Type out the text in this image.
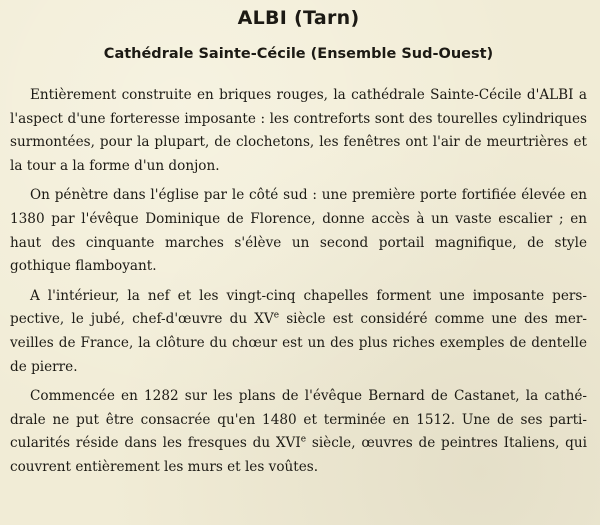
ALBI (Tarn)
Cathédrale Sainte-Cécile (Ensemble Sud-Ouest)

Entièrement construite en briques rouges, la cathédrale Sainte-Cécile d'ALBI a l'aspect d'une forteresse imposante : les contreforts sont des tourelles cylindriques surmontées, pour la plupart, de clochetons, les fenêtres ont l'air de meurtrières et la tour a la forme d'un donjon.

On pénètre dans l'église par le côté sud : une première porte fortifiée élevée en 1380 par l'évêque Dominique de Florence, donne accès à un vaste escalier ; en haut des cinquante marches s'élève un second portail magnifique, de style gothique flamboyant.

A l'intérieur, la nef et les vingt-cinq chapelles forment une imposante perspective, le jubé, chef-d'œuvre du XVe siècle est considéré comme une des merveilles de France, la clôture du chœur est un des plus riches exemples de dentelle de pierre.

Commencée en 1282 sur les plans de l'évêque Bernard de Castanet, la cathédrale ne put être consacrée qu'en 1480 et terminée en 1512. Une de ses particularités réside dans les fresques du XVIe siècle, œuvres de peintres Italiens, qui couvrent entièrement les murs et les voûtes.
